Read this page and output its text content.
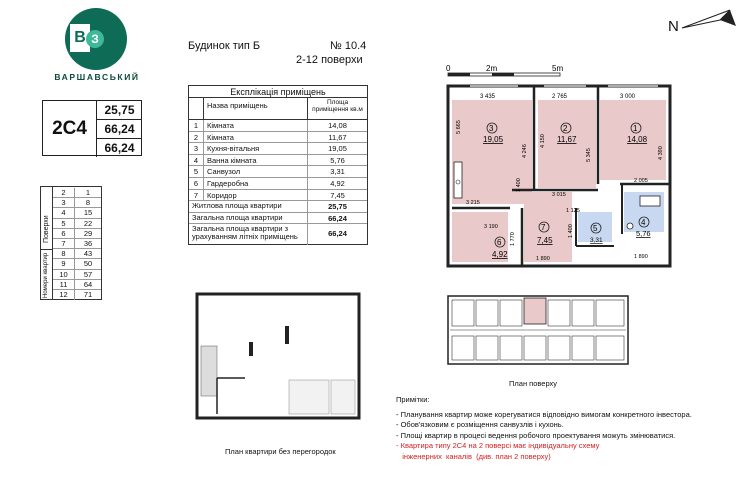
В З
ВАРШАВСЬКИЙ
Будинок тип Б	№ 10.4
2-12 поверхи
N
2С4
25,75
66,24
66,24
Поверхи
Номери квартир
2	1
3	8
4	15
5	22
6	29
7	36
8	43
9	50
10	57
11	64
12	71
Експлікація приміщень
Назва приміщень	Площа приміщення кв.м
1	Кімната	14,08
2	Кімната	11,67
3	Кухня-вітальня	19,05
4	Ванна кімната	5,76
5	Санвузол	3,31
6	Гардеробна	4,92
7	Коридор	7,45
Житлова площа квартири	25,75
Загальна площа квартири	66,24
Загальна площа квартири з урахуванням літніх приміщень	66,24
0	2m	5m
3 435	2 765	3 000
5 665
4 246
4 150
5 345	4 390
3 015
2 005
3 215
1 400
3 190
1 125
1 890	1 890
1 770
1 400
3
19,05
2
11,67
1
14,08
4
5,76
7
7,45
5
3,31
6
4,92
План квартири без перегородок
План поверху
Примітки:
- Планування квартир може корегуватися відповідно вимогам конкретного інвестора.
- Обов'язковим є розміщення санвузлів і кухонь.
- Площі квартир в процесі ведення робочого проектування можуть змінюватися.
- Квартира типу 2С4 на 2 поверсі має індивідуальну схему
інженерних  каналів  (див. план 2 поверху)
